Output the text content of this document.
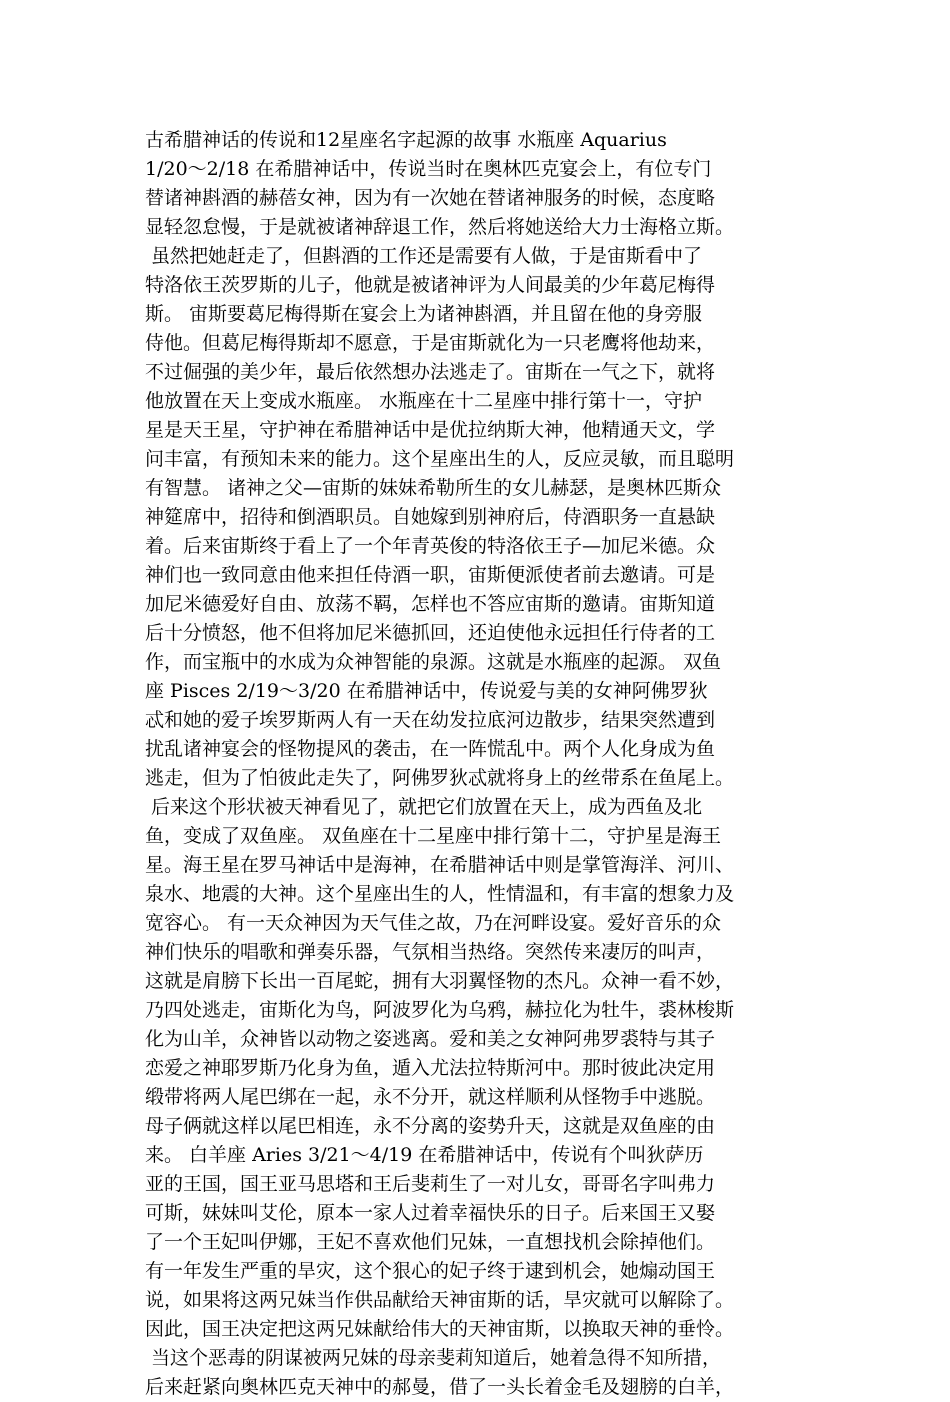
古希腊神话的传说和12星座名字起源的故事 水瓶座 Aquarius
1/20～2/18 在希腊神话中，传说当时在奥林匹克宴会上，有位专门
替诸神斟酒的赫蓓女神，因为有一次她在替诸神服务的时候，态度略
显轻忽怠慢，于是就被诸神辞退工作，然后将她送给大力士海格立斯。
虽然把她赶走了，但斟酒的工作还是需要有人做，于是宙斯看中了
特洛依王茨罗斯的儿子，他就是被诸神评为人间最美的少年葛尼梅得
斯。 宙斯要葛尼梅得斯在宴会上为诸神斟酒，并且留在他的身旁服
侍他。但葛尼梅得斯却不愿意，于是宙斯就化为一只老鹰将他劫来，
不过倔强的美少年，最后依然想办法逃走了。宙斯在一气之下，就将
他放置在天上变成水瓶座。 水瓶座在十二星座中排行第十一，守护
星是天王星，守护神在希腊神话中是优拉纳斯大神，他精通天文，学
问丰富，有预知未来的能力。这个星座出生的人，反应灵敏，而且聪明
有智慧。 诸神之父—宙斯的妹妹希勒所生的女儿赫瑟，是奥林匹斯众
神筵席中，招待和倒酒职员。自她嫁到别神府后，侍酒职务一直悬缺
着。后来宙斯终于看上了一个年青英俊的特洛依王子—加尼米德。众
神们也一致同意由他来担任侍酒一职，宙斯便派使者前去邀请。可是
加尼米德爱好自由、放荡不羁，怎样也不答应宙斯的邀请。宙斯知道
后十分愤怒，他不但将加尼米德抓回，还迫使他永远担任行侍者的工
作，而宝瓶中的水成为众神智能的泉源。这就是水瓶座的起源。 双鱼
座 Pisces 2/19～3/20 在希腊神话中，传说爱与美的女神阿佛罗狄
忒和她的爱子埃罗斯两人有一天在幼发拉底河边散步，结果突然遭到
扰乱诸神宴会的怪物提风的袭击，在一阵慌乱中。两个人化身成为鱼
逃走，但为了怕彼此走失了，阿佛罗狄忒就将身上的丝带系在鱼尾上。
后来这个形状被天神看见了，就把它们放置在天上，成为西鱼及北
鱼，变成了双鱼座。 双鱼座在十二星座中排行第十二，守护星是海王
星。海王星在罗马神话中是海神，在希腊神话中则是掌管海洋、河川、
泉水、地震的大神。这个星座出生的人，性情温和，有丰富的想象力及
宽容心。 有一天众神因为天气佳之故，乃在河畔设宴。爱好音乐的众
神们快乐的唱歌和弹奏乐器，气氛相当热络。突然传来凄厉的叫声，
这就是肩膀下长出一百尾蛇，拥有大羽翼怪物的杰凡。众神一看不妙，
乃四处逃走，宙斯化为鸟，阿波罗化为乌鸦，赫拉化为牡牛，裘林梭斯
化为山羊，众神皆以动物之姿逃离。爱和美之女神阿弗罗裘特与其子
恋爱之神耶罗斯乃化身为鱼，遁入尤法拉特斯河中。那时彼此决定用
缎带将两人尾巴绑在一起，永不分开，就这样顺利从怪物手中逃脱。
母子俩就这样以尾巴相连，永不分离的姿势升天，这就是双鱼座的由
来。 白羊座 Aries 3/21～4/19 在希腊神话中，传说有个叫狄萨历
亚的王国，国王亚马思塔和王后斐莉生了一对儿女，哥哥名字叫弗力
可斯，妹妹叫艾伦，原本一家人过着幸福快乐的日子。后来国王又娶
了一个王妃叫伊娜，王妃不喜欢他们兄妹，一直想找机会除掉他们。
有一年发生严重的旱灾，这个狠心的妃子终于逮到机会，她煽动国王
说，如果将这两兄妹当作供品献给天神宙斯的话，旱灾就可以解除了。
因此，国王决定把这两兄妹献给伟大的天神宙斯，以换取天神的垂怜。
当这个恶毒的阴谋被两兄妹的母亲斐莉知道后，她着急得不知所措，
后来赶紧向奥林匹克天神中的郝曼，借了一头长着金毛及翅膀的白羊，
